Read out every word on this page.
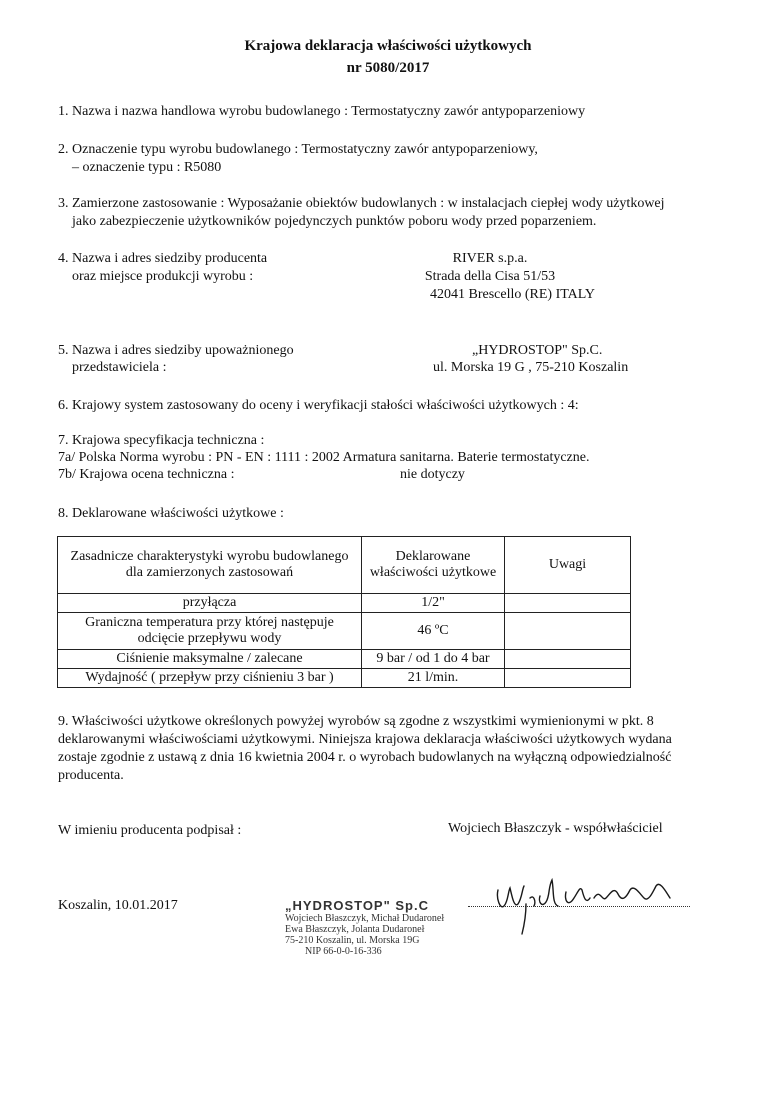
Krajowa deklaracja właściwości użytkowych
nr 5080/2017
1. Nazwa i nazwa handlowa wyrobu budowlanego : Termostatyczny zawór antypoparzeniowy
2. Oznaczenie typu wyrobu budowlanego : Termostatyczny zawór antypoparzeniowy,
– oznaczenie typu : R5080
3. Zamierzone zastosowanie : Wyposażanie obiektów budowlanych : w instalacjach ciepłej wody użytkowej
jako zabezpieczenie użytkowników pojedynczych punktów poboru wody przed poparzeniem.
4. Nazwa i adres siedziby producenta
oraz miejsce produkcji wyrobu :
RIVER s.p.a.
Strada della Cisa 51/53
42041 Brescello (RE) ITALY
5. Nazwa i adres siedziby upoważnionego
przedstawiciela :
„HYDROSTOP" Sp.C.
ul. Morska 19 G , 75-210 Koszalin
6. Krajowy system zastosowany do oceny i weryfikacji stałości właściwości użytkowych : 4:
7. Krajowa specyfikacja techniczna :
7a/ Polska Norma wyrobu : PN - EN : 1111 : 2002 Armatura sanitarna. Baterie termostatyczne.
7b/ Krajowa ocena techniczna :	nie dotyczy
8. Deklarowane właściwości użytkowe :
Zasadnicze charakterystyki wyrobu budowlanego dla zamierzonych zastosowań	Deklarowane właściwości użytkowe	Uwagi
przyłącza	1/2"	
Graniczna temperatura przy której następuje odcięcie przepływu wody	46 ºC	
Ciśnienie maksymalne / zalecane	9 bar / od 1 do 4 bar	
Wydajność ( przepływ przy ciśnieniu 3 bar )	21 l/min.	
9. Właściwości użytkowe określonych powyżej wyrobów są zgodne z wszystkimi wymienionymi w pkt. 8
deklarowanymi właściwościami użytkowymi. Niniejsza krajowa deklaracja właściwości użytkowych wydana
zostaje zgodnie z ustawą z dnia 16 kwietnia 2004 r. o wyrobach budowlanych na wyłączną odpowiedzialność
producenta.
W imieniu producenta podpisał :	Wojciech Błaszczyk - współwłaściciel
Koszalin, 10.01.2017	„HYDROSTOP" Sp.C
Wojciech Błaszczyk, Michał Dudaroneł
Ewa Błaszczyk, Jolanta Dudaroneł
75-210 Koszalin, ul. Morska 19G
NIP 66-0-0-16-336
